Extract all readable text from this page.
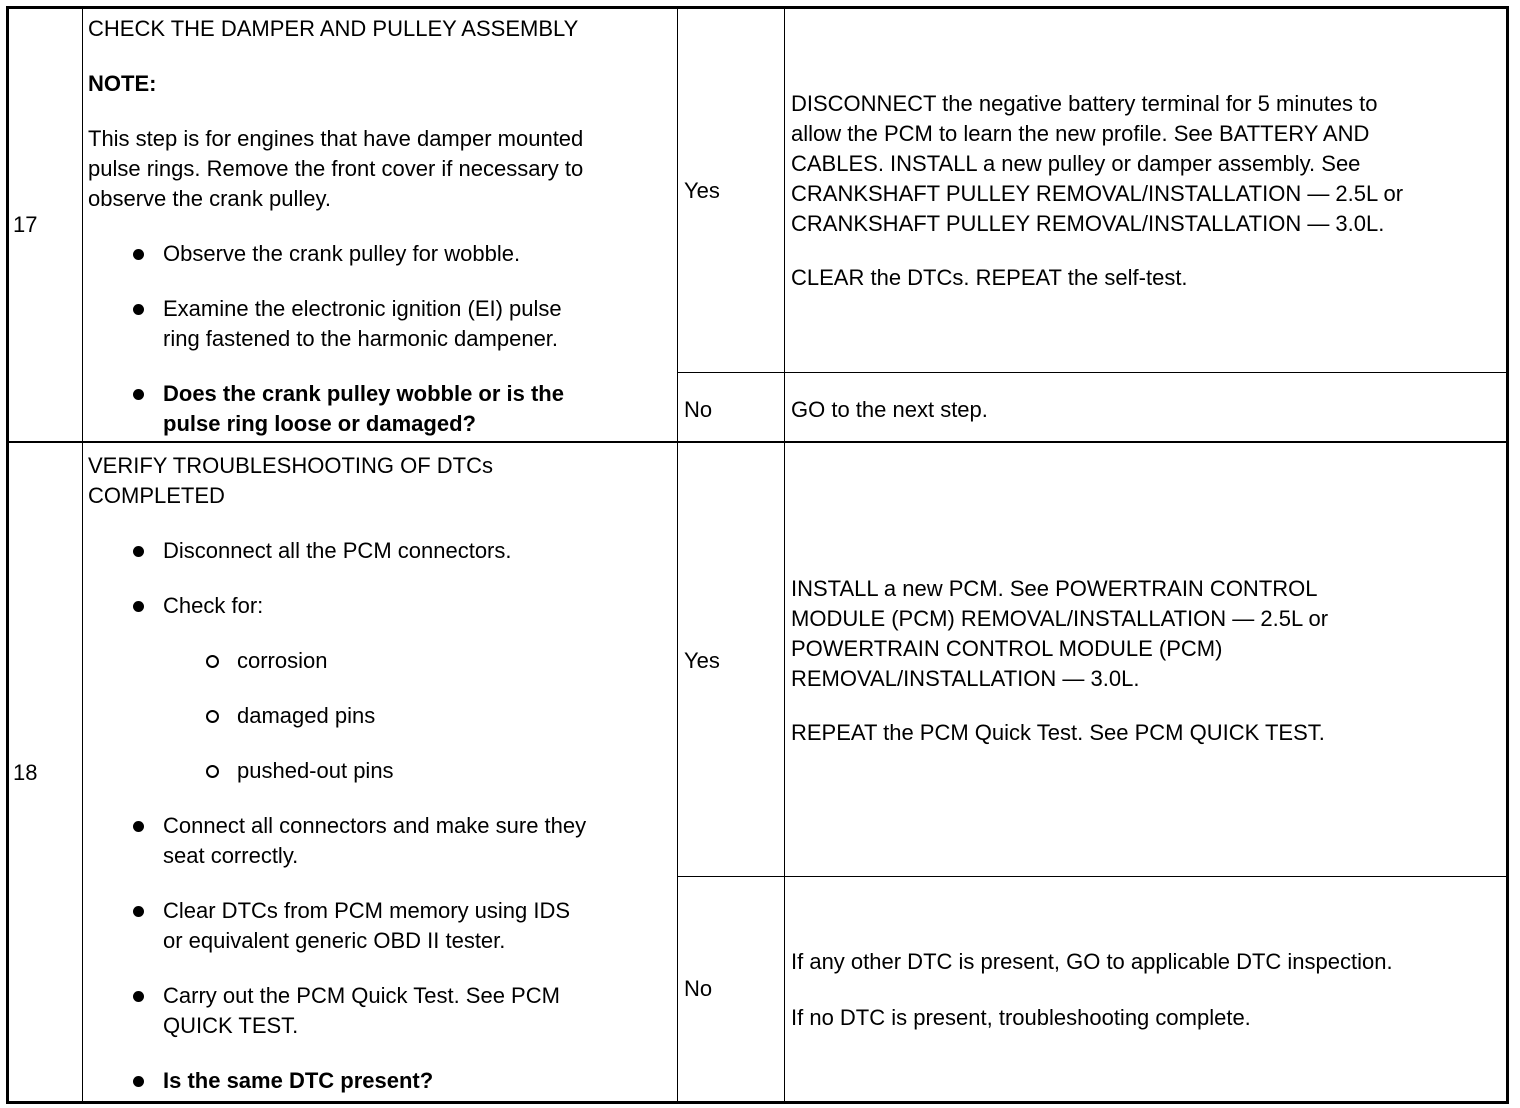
17
CHECK THE DAMPER AND PULLEY ASSEMBLY
NOTE:
This step is for engines that have damper mounted
pulse rings. Remove the front cover if necessary to
observe the crank pulley.
Observe the crank pulley for wobble.
Examine the electronic ignition (EI) pulse
ring fastened to the harmonic dampener.
Does the crank pulley wobble or is the
pulse ring loose or damaged?
Yes
DISCONNECT the negative battery terminal for 5 minutes to
allow the PCM to learn the new profile. See BATTERY AND
CABLES. INSTALL a new pulley or damper assembly. See
CRANKSHAFT PULLEY REMOVAL/INSTALLATION — 2.5L or
CRANKSHAFT PULLEY REMOVAL/INSTALLATION — 3.0L.
CLEAR the DTCs. REPEAT the self-test.
No	GO to the next step.
18
VERIFY TROUBLESHOOTING OF DTCs
COMPLETED
Disconnect all the PCM connectors.
Check for:
corrosion
damaged pins
pushed-out pins
Connect all connectors and make sure they
seat correctly.
Clear DTCs from PCM memory using IDS
or equivalent generic OBD II tester.
Carry out the PCM Quick Test. See PCM
QUICK TEST.
Is the same DTC present?
Yes
INSTALL a new PCM. See POWERTRAIN CONTROL
MODULE (PCM) REMOVAL/INSTALLATION — 2.5L or
POWERTRAIN CONTROL MODULE (PCM)
REMOVAL/INSTALLATION — 3.0L.
REPEAT the PCM Quick Test. See PCM QUICK TEST.
No
If any other DTC is present, GO to applicable DTC inspection.
If no DTC is present, troubleshooting complete.
